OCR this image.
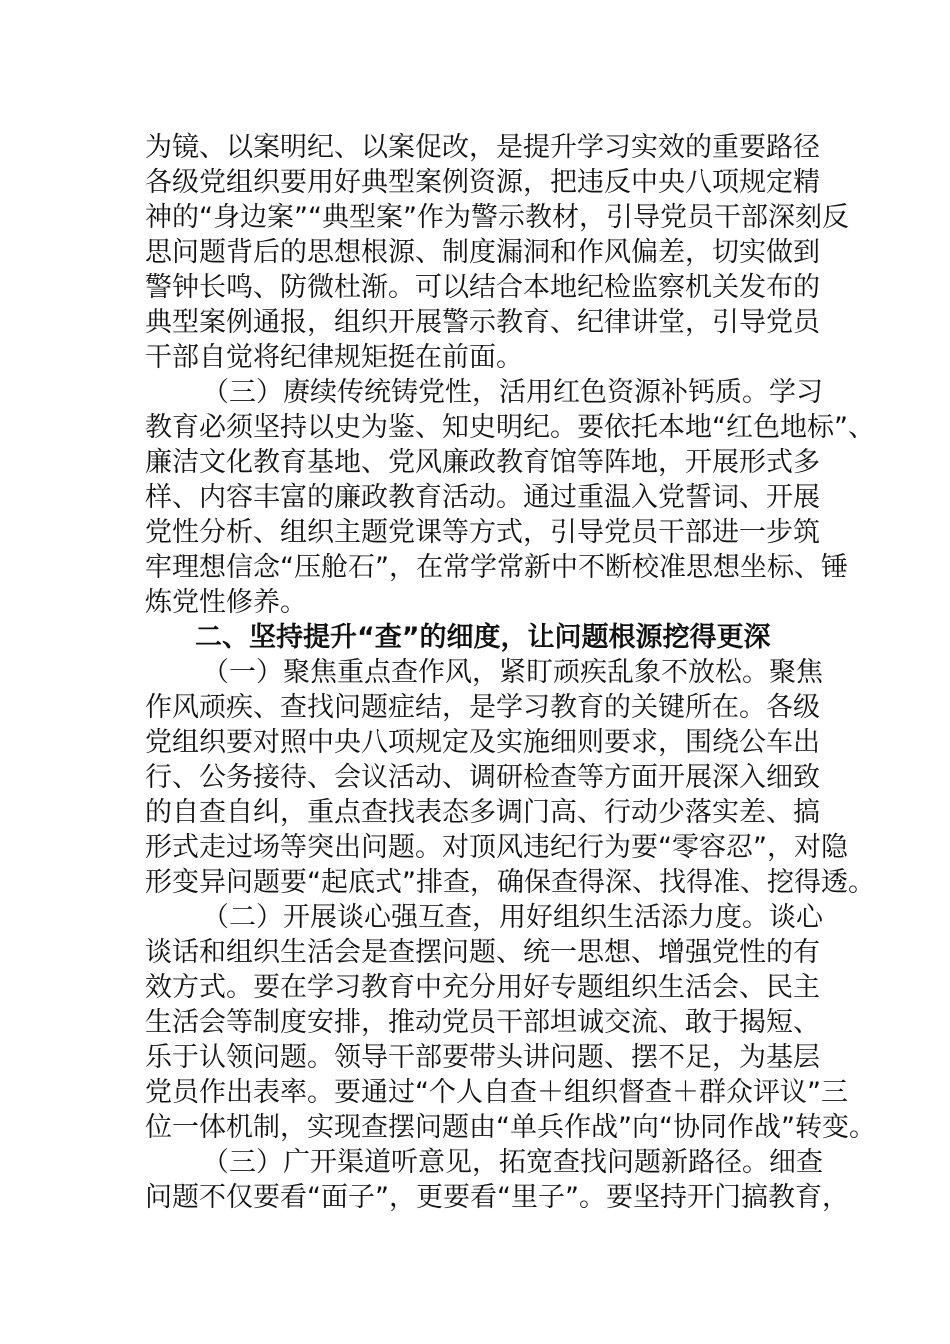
为镜、以案明纪、以案促改，是提升学习实效的重要路径
各级党组织要用好典型案例资源，把违反中央八项规定精
神的“身边案”“典型案”作为警示教材，引导党员干部深刻反
思问题背后的思想根源、制度漏洞和作风偏差，切实做到
警钟长鸣、防微杜渐。可以结合本地纪检监察机关发布的
典型案例通报，组织开展警示教育、纪律讲堂，引导党员
干部自觉将纪律规矩挺在前面。
（三）赓续传统铸党性，活用红色资源补钙质。学习
教育必须坚持以史为鉴、知史明纪。要依托本地“红色地标”、
廉洁文化教育基地、党风廉政教育馆等阵地，开展形式多
样、内容丰富的廉政教育活动。通过重温入党誓词、开展
党性分析、组织主题党课等方式，引导党员干部进一步筑
牢理想信念“压舱石”，在常学常新中不断校准思想坐标、锤
炼党性修养。
二、坚持提升“查”的细度，让问题根源挖得更深
（一）聚焦重点查作风，紧盯顽疾乱象不放松。聚焦
作风顽疾、查找问题症结，是学习教育的关键所在。各级
党组织要对照中央八项规定及实施细则要求，围绕公车出
行、公务接待、会议活动、调研检查等方面开展深入细致
的自查自纠，重点查找表态多调门高、行动少落实差、搞
形式走过场等突出问题。对顶风违纪行为要“零容忍”，对隐
形变异问题要“起底式”排查，确保查得深、找得准、挖得透。
（二）开展谈心强互查，用好组织生活添力度。谈心
谈话和组织生活会是查摆问题、统一思想、增强党性的有
效方式。要在学习教育中充分用好专题组织生活会、民主
生活会等制度安排，推动党员干部坦诚交流、敢于揭短、
乐于认领问题。领导干部要带头讲问题、摆不足，为基层
党员作出表率。要通过“个人自查＋组织督查＋群众评议”三
位一体机制，实现查摆问题由“单兵作战”向“协同作战”转变。
（三）广开渠道听意见，拓宽查找问题新路径。细查
问题不仅要看“面子”，更要看“里子”。要坚持开门搞教育，
